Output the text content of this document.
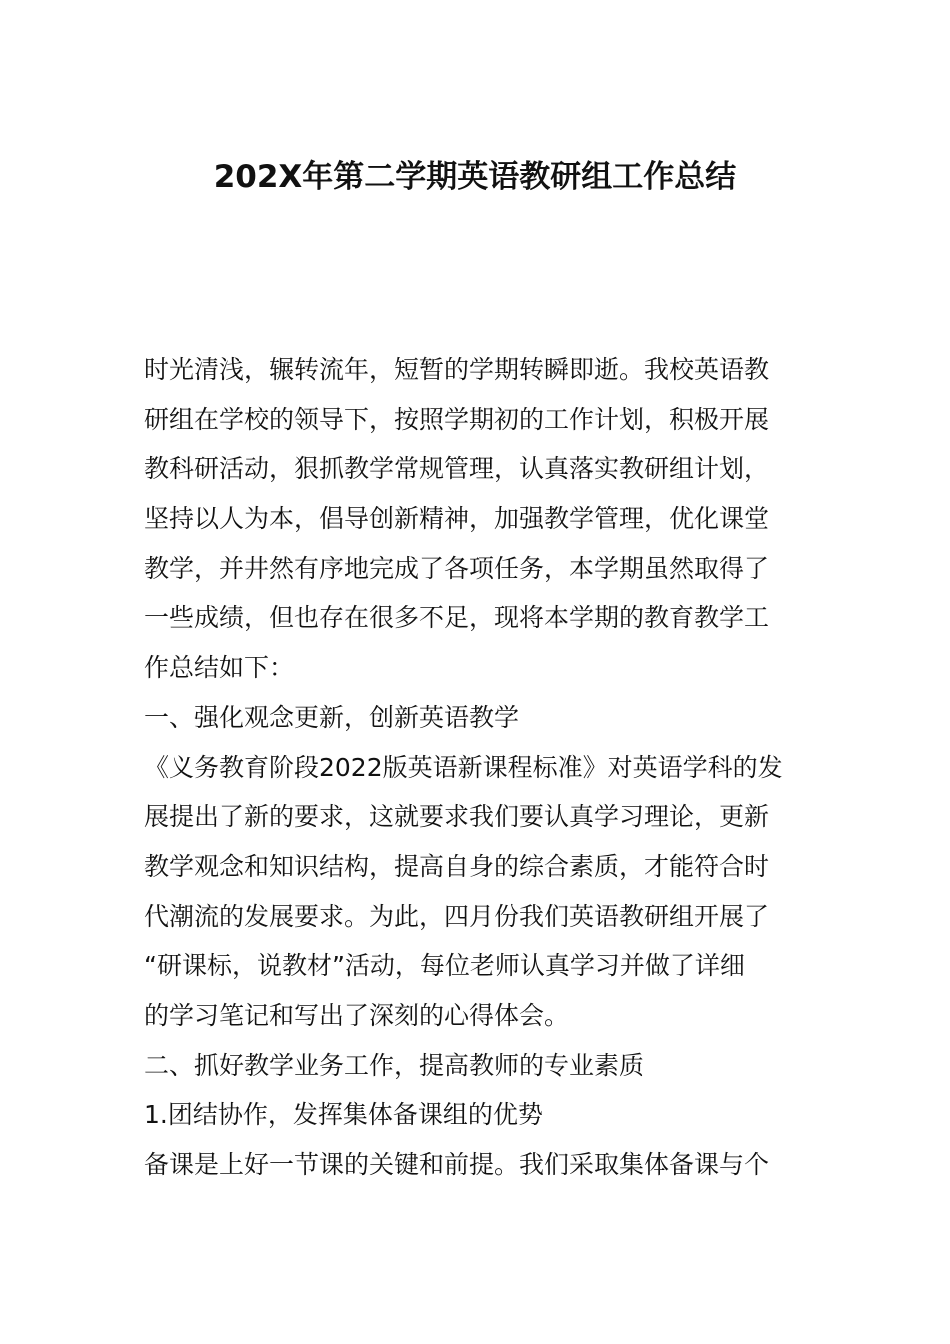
202X年第二学期英语教研组工作总结
时光清浅，辗转流年，短暂的学期转瞬即逝。我校英语教
研组在学校的领导下，按照学期初的工作计划，积极开展
教科研活动，狠抓教学常规管理，认真落实教研组计划，
坚持以人为本，倡导创新精神，加强教学管理，优化课堂
教学，并井然有序地完成了各项任务，本学期虽然取得了
一些成绩，但也存在很多不足，现将本学期的教育教学工
作总结如下：
一、强化观念更新，创新英语教学
《义务教育阶段2022版英语新课程标准》对英语学科的发
展提出了新的要求，这就要求我们要认真学习理论，更新
教学观念和知识结构，提高自身的综合素质，才能符合时
代潮流的发展要求。为此，四月份我们英语教研组开展了
“研课标，说教材”活动，每位老师认真学习并做了详细
的学习笔记和写出了深刻的心得体会。
二、抓好教学业务工作，提高教师的专业素质
1.团结协作，发挥集体备课组的优势
备课是上好一节课的关键和前提。我们采取集体备课与个
